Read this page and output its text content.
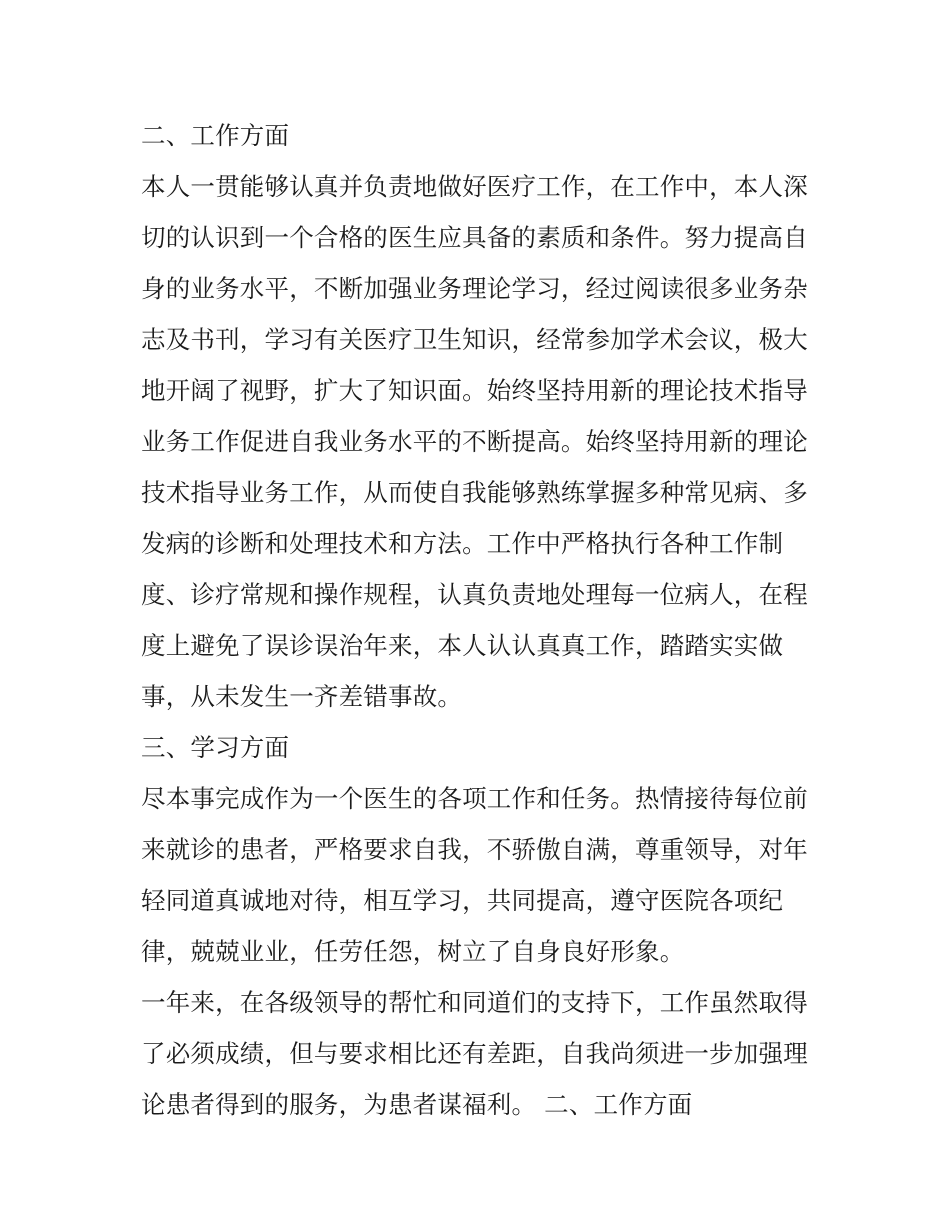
二、工作方面
本人一贯能够认真并负责地做好医疗工作，在工作中，本人深
切的认识到一个合格的医生应具备的素质和条件。努力提高自
身的业务水平，不断加强业务理论学习，经过阅读很多业务杂
志及书刊，学习有关医疗卫生知识，经常参加学术会议，极大
地开阔了视野，扩大了知识面。始终坚持用新的理论技术指导
业务工作促进自我业务水平的不断提高。始终坚持用新的理论
技术指导业务工作，从而使自我能够熟练掌握多种常见病、多
发病的诊断和处理技术和方法。工作中严格执行各种工作制
度、诊疗常规和操作规程，认真负责地处理每一位病人，在程
度上避免了误诊误治年来，本人认认真真工作，踏踏实实做
事，从未发生一齐差错事故。
三、学习方面
尽本事完成作为一个医生的各项工作和任务。热情接待每位前
来就诊的患者，严格要求自我，不骄傲自满，尊重领导，对年
轻同道真诚地对待，相互学习，共同提高，遵守医院各项纪
律，兢兢业业，任劳任怨，树立了自身良好形象。
一年来，在各级领导的帮忙和同道们的支持下，工作虽然取得
了必须成绩，但与要求相比还有差距，自我尚须进一步加强理
论患者得到的服务，为患者谋福利。 二、工作方面
